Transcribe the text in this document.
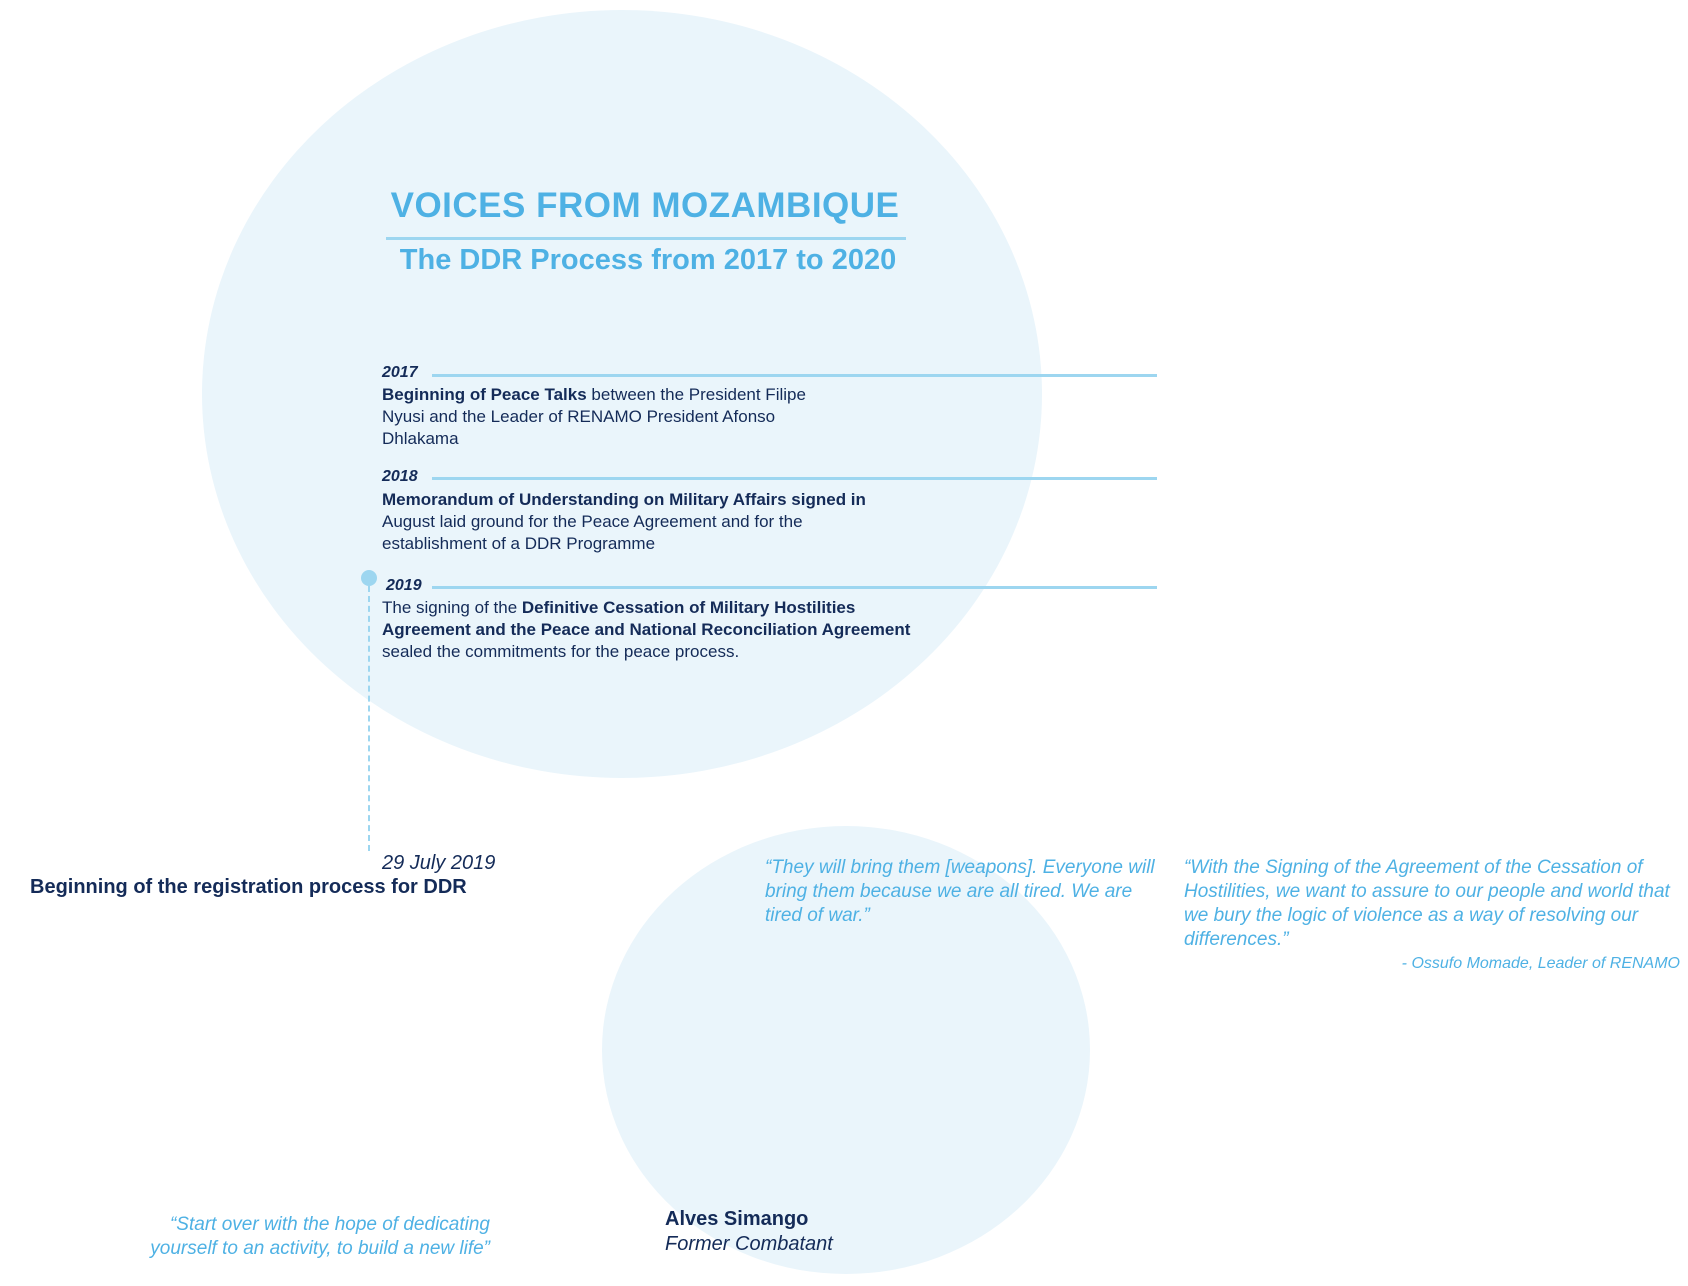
VOICES FROM MOZAMBIQUE
The DDR Process from 2017 to 2020
2017
Beginning of Peace Talks between the President Filipe Nyusi and the Leader of RENAMO President Afonso Dhlakama
2018
Memorandum of Understanding on Military Affairs signed in August laid ground for the Peace Agreement and for the establishment of a DDR Programme
2019
The signing of the Definitive Cessation of Military Hostilities Agreement and the Peace and National Reconciliation Agreement sealed the commitments for the peace process.
29 July 2019
Beginning of the registration process for DDR
“They will bring them [weapons]. Everyone will bring them because we are all tired. We are tired of war.”
“With the Signing of the Agreement of the Cessation of Hostilities, we want to assure to our people and world that we bury the logic of violence as a way of resolving our differences.”
- Ossufo Momade, Leader of RENAMO
“Start over with the hope of dedicating yourself to an activity, to build a new life”
Alves Simango
Former Combatant
